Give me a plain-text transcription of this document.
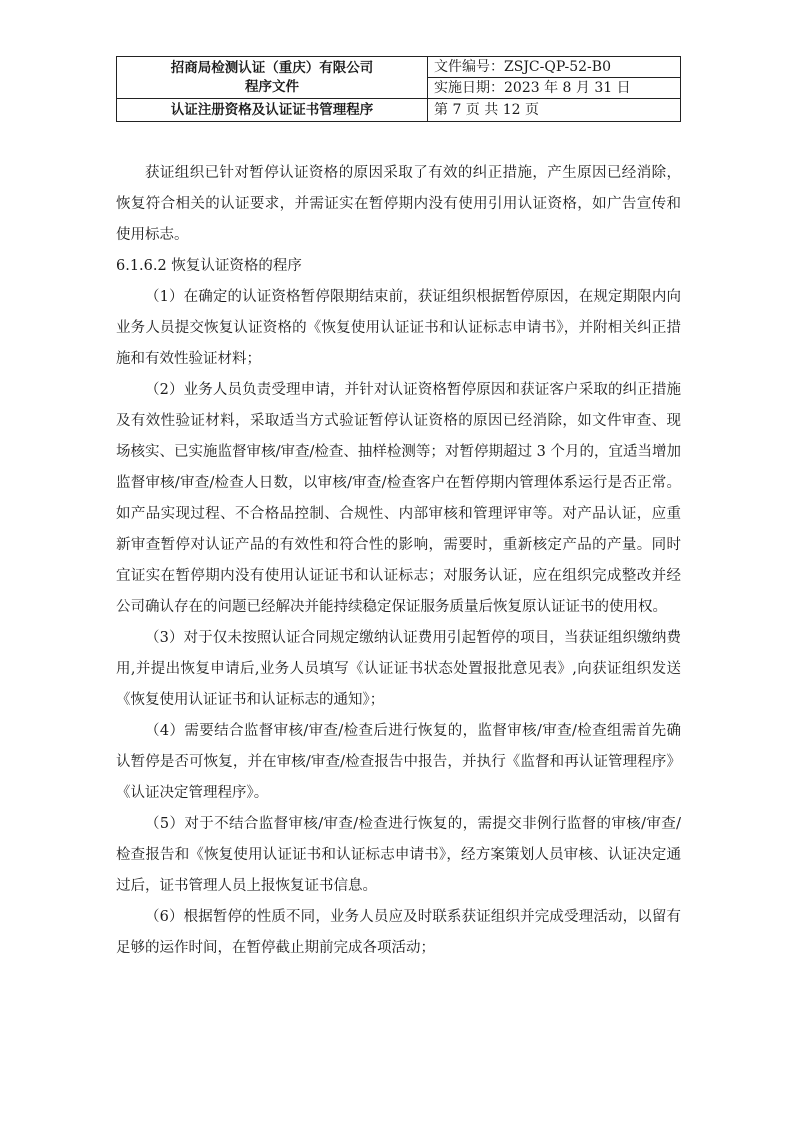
招商局检测认证（重庆）有限公司
程序文件	文件编号：ZSJC-QP-52-B0
	实施日期：2023 年 8 月 31 日
认证注册资格及认证证书管理程序	第 7 页 共 12 页

获证组织已针对暂停认证资格的原因采取了有效的纠正措施，产生原因已经消除，恢复符合相关的认证要求，并需证实在暂停期内没有使用引用认证资格，如广告宣传和使用标志。

6.1.6.2 恢复认证资格的程序

（1）在确定的认证资格暂停限期结束前，获证组织根据暂停原因，在规定期限内向业务人员提交恢复认证资格的《恢复使用认证证书和认证标志申请书》，并附相关纠正措施和有效性验证材料；

（2）业务人员负责受理申请，并针对认证资格暂停原因和获证客户采取的纠正措施及有效性验证材料，采取适当方式验证暂停认证资格的原因已经消除，如文件审查、现场核实、已实施监督审核/审查/检查、抽样检测等；对暂停期超过 3 个月的，宜适当增加监督审核/审查/检查人日数，以审核/审查/检查客户在暂停期内管理体系运行是否正常。如产品实现过程、不合格品控制、合规性、内部审核和管理评审等。对产品认证，应重新审查暂停对认证产品的有效性和符合性的影响，需要时，重新核定产品的产量。同时宜证实在暂停期内没有使用认证证书和认证标志；对服务认证，应在组织完成整改并经公司确认存在的问题已经解决并能持续稳定保证服务质量后恢复原认证证书的使用权。

（3）对于仅未按照认证合同规定缴纳认证费用引起暂停的项目，当获证组织缴纳费用,并提出恢复申请后,业务人员填写《认证证书状态处置报批意见表》,向获证组织发送《恢复使用认证证书和认证标志的通知》；

（4）需要结合监督审核/审查/检查后进行恢复的，监督审核/审查/检查组需首先确认暂停是否可恢复，并在审核/审查/检查报告中报告，并执行《监督和再认证管理程序》《认证决定管理程序》。

（5）对于不结合监督审核/审查/检查进行恢复的，需提交非例行监督的审核/审查/检查报告和《恢复使用认证证书和认证标志申请书》，经方案策划人员审核、认证决定通过后，证书管理人员上报恢复证书信息。

（6）根据暂停的性质不同，业务人员应及时联系获证组织并完成受理活动，以留有足够的运作时间，在暂停截止期前完成各项活动；
